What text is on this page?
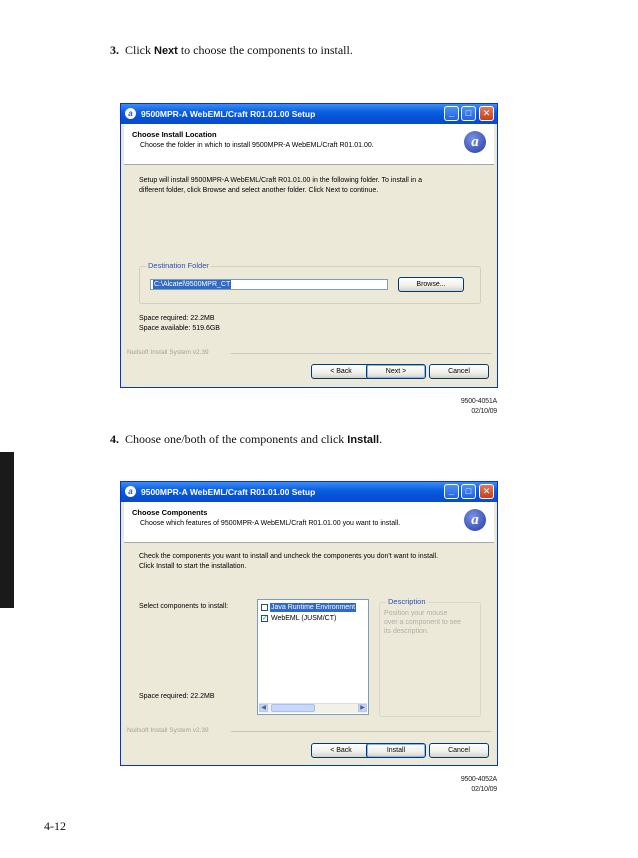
3. Click Next to choose the components to install.
a 9500MPR-A WebEML/Craft R01.01.00 Setup	_	□	✕
Choose Install Location
Choose the folder in which to install 9500MPR-A WebEML/Craft R01.01.00.	a
Setup will install 9500MPR-A WebEML/Craft R01.01.00 in the following folder. To install in a
different folder, click Browse and select another folder. Click Next to continue.
Destination Folder
C:\Alcatel\9500MPR_CT	Browse...
Space required: 22.2MB
Space available: 519.6GB
Nullsoft Install System v2.39
< Back	Next >	Cancel
9500-4051A
02/10/09
4. Choose one/both of the components and click Install.
a 9500MPR-A WebEML/Craft R01.01.00 Setup	_	□	✕
Choose Components
Choose which features of 9500MPR-A WebEML/Craft R01.01.00 you want to install.	a
Check the components you want to install and uncheck the components you don't want to install.
Click Install to start the installation.
Select components to install:	Java Runtime Environment
✓ WebEML (JUSM/CT)
◀	▶
Description
Position your mouse
over a component to see
its description.
Space required: 22.2MB
Nullsoft Install System v2.39
< Back	Install	Cancel
9500-4052A
02/10/09
4-12
